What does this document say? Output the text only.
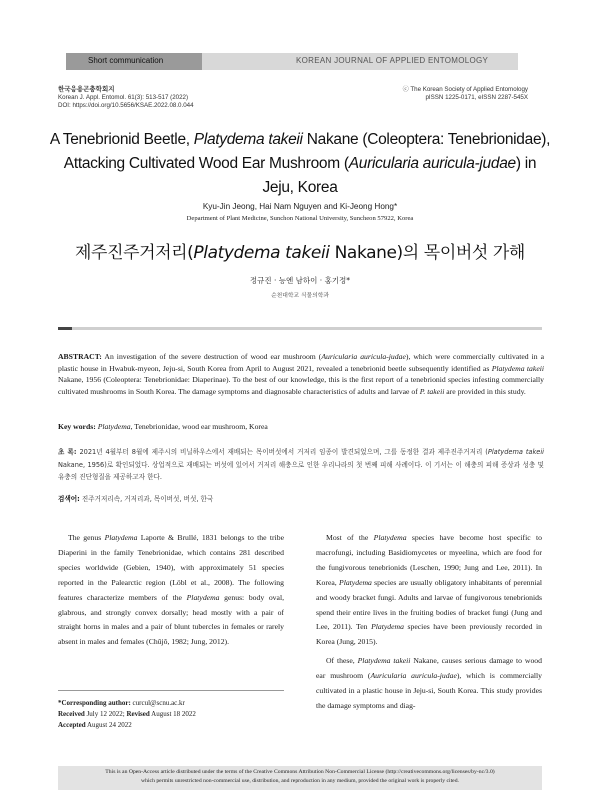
Short communication	KOREAN JOURNAL OF APPLIED ENTOMOLOGY
한국응용곤충학회지
Korean J. Appl. Entomol. 61(3): 513-517 (2022)
DOI: https://doi.org/10.5656/KSAE.2022.08.0.044
ⓒ The Korean Society of Applied Entomology
pISSN 1225-0171, eISSN 2287-545X
A Tenebrionid Beetle, Platydema takeii Nakane (Coleoptera: Tenebrionidae),
Attacking Cultivated Wood Ear Mushroom (Auricularia auricula-judae) in
Jeju, Korea
Kyu-Jin Jeong, Hai Nam Nguyen and Ki-Jeong Hong*
Department of Plant Medicine, Sunchon National University, Suncheon 57922, Korea
제주진주거저리(Platydema takeii Nakane)의 목이버섯 가해
정규진 · 능엔 남하이 · 홍기정*
순천대학교 식물의학과
ABSTRACT: An investigation of the severe destruction of wood ear mushroom (Auricularia auricula-judae), which were commercially cultivated in a plastic house in Hwabuk-myeon, Jeju-si, South Korea from April to August 2021, revealed a tenebrionid beetle subsequently identified as Platydema takeii Nakane, 1956 (Coleoptera: Tenebrionidae: Diaperinae). To the best of our knowledge, this is the first report of a tenebrionid species infesting commercially cultivated mushrooms in South Korea. The damage symptoms and diagnosable characteristics of adults and larvae of P. takeii are provided in this study.
Key words: Platydema, Tenebrionidae, wood ear mushroom, Korea
초 록: 2021년 4월부터 8월에 제주시의 비닐하우스에서 재배되는 목이버섯에서 거저리 임종이 발견되었으며, 그를 동정한 결과 제주진주거저리 (Platydema takeii Nakane, 1956)로 확인되었다. 상업적으로 재배되는 버섯에 있어서 거저리 해충으로 인한 우리나라의 첫 번째 피해 사례이다. 이 기서는 이 해충의 피해 증상과 성충 및 유충의 진단형질을 제공하고자 한다.
검색어: 진주거저리속, 거저리과, 목이버섯, 버섯, 한국

The genus Platydema Laporte & Brullé, 1831 belongs to the tribe Diaperini in the family Tenebrionidae, which contains 281 described species worldwide (Gebien, 1940), with approximately 51 species reported in the Palearctic region (Löbl et al., 2008). The following features characterize members of the Platydema genus: body oval, glabrous, and strongly convex dorsally; head mostly with a pair of straight horns in males and a pair of blunt tubercles in females or rarely absent in males and females (Chûjô, 1982; Jung, 2012).

Most of the Platydema species have become host specific to macrofungi, including Basidiomycetes or myeelina, which are food for the fungivorous tenebrionids (Leschen, 1990; Jung and Lee, 2011). In Korea, Platydema species are usually obligatory inhabitants of perennial and woody bracket fungi. Adults and larvae of fungivorous tenebrionids spend their entire lives in the fruiting bodies of bracket fungi (Jung and Lee, 2011). Ten Platydema species have been previously recorded in Korea (Jung, 2015).

Of these, Platydema takeii Nakane, causes serious damage to wood ear mushroom (Auricularia auricula-judae), which is commercially cultivated in a plastic house in Jeju-si, South Korea. This study provides the damage symptoms and diag-

*Corresponding author: curcul@scnu.ac.kr
Received July 12 2022; Revised August 18 2022
Accepted August 24 2022
This is an Open-Access article distributed under the terms of the Creative Commons Attribution Non-Commercial License (http://creativecommons.org/licenses/by-nc/3.0)
which permits unrestricted non-commercial use, distribution, and reproduction in any medium, provided the original work is properly cited.
